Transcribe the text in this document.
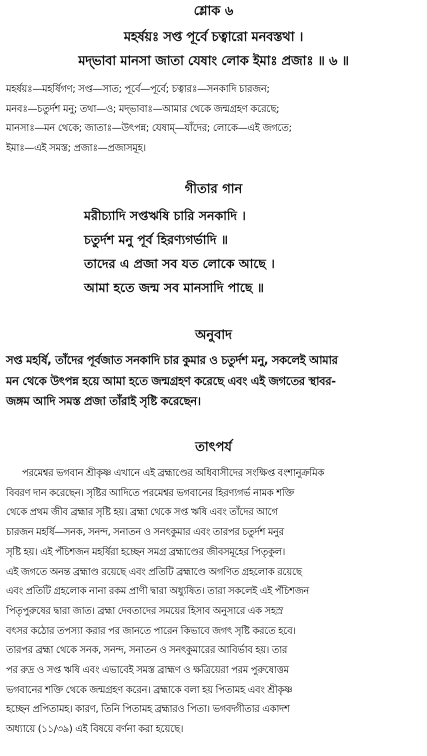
শ্লোক ৬
মহর্ষয়ঃ সপ্ত পূর্বে চত্বারো মনবস্তথা ।
মদ্‌ভাবা মানসা জাতা যেষাং লোক ইমাঃ প্রজাঃ ॥ ৬ ॥
মহর্ষয়ঃ—মহর্ষিগণ; সপ্ত—সাত; পূর্বে—পূর্বে; চত্বারঃ—সনকাদি চারজন;
মনবঃ—চতুর্দশ মনু; তথা—ও; মদ্‌ভাবাঃ—আমার থেকে জন্মগ্রহণ করেছে;
মানসাঃ—মন থেকে; জাতাঃ—উৎপন্ন; যেষাম্‌—যাঁদের; লোকে—এই জগতে;
ইমাঃ—এই সমস্ত; প্রজাঃ—প্রজাসমূহ।
গীতার গান
মরীচ্যাদি সপ্তঋষি চারি সনকাদি ।
চতুর্দশ মনু পূর্ব হিরণ্যগর্ভাদি ॥
তাদের এ প্রজা সব যত লোকে আছে ।
আমা হতে জন্ম সব মানসাদি পাছে ॥
অনুবাদ
সপ্ত মহর্ষি, তাঁদের পূর্বজাত সনকাদি চার কুমার ও চতুর্দশ মনু, সকলেই আমার
মন থেকে উৎপন্ন হয়ে আমা হতে জন্মগ্রহণ করেছে এবং এই জগতের স্থাবর-
জঙ্গম আদি সমস্ত প্রজা তাঁরাই সৃষ্টি করেছেন।
তাৎপর্য
পরমেশ্বর ভগবান শ্রীকৃষ্ণ এখানে এই ব্রহ্মাণ্ডের অধিবাসীদের সংক্ষিপ্ত বংশানুক্রমিক
বিবরণ দান করেছেন। সৃষ্টির আদিতে পরমেশ্বর ভগবানের হিরণ্যগর্ভ নামক শক্তি
থেকে প্রথম জীব ব্রহ্মার সৃষ্টি হয়। ব্রহ্মা থেকে সপ্ত ঋষি এবং তাঁদের আগে
চারজন মহর্ষি—সনক, সনন্দ, সনাতন ও সনৎকুমার এবং তারপর চতুর্দশ মনুর
সৃষ্টি হয়। এই পঁচিশজন মহর্ষিরা হচ্ছেন সমগ্র ব্রহ্মাণ্ডের জীবসমূহের পিতৃকুল।
এই জগতে অনন্ত ব্রহ্মাণ্ড রয়েছে এবং প্রতিটি ব্রহ্মাণ্ডে অগণিত গ্রহলোক রয়েছে
এবং প্রতিটি গ্রহলোক নানা রকম প্রাণী দ্বারা অধ্যুষিত। তারা সকলেই এই পঁচিশজন
পিতৃপুরুষের দ্বারা জাত। ব্রহ্মা দেবতাদের সময়ের হিসাব অনুসারে এক সহস্র
বৎসর কঠোর তপস্যা করার পর জানতে পারেন কিভাবে জগৎ সৃষ্টি করতে হবে।
তারপর ব্রহ্মা থেকে সনক, সনন্দ, সনাতন ও সনৎকুমারের আবির্ভাব হয়। তার
পর রুদ্র ও সপ্ত ঋষি এবং এভাবেই সমস্ত ব্রাহ্মণ ও ক্ষত্রিয়েরা পরম পুরুষোত্তম
ভগবানের শক্তি থেকে জন্মগ্রহণ করেন। ব্রহ্মাকে বলা হয় পিতামহ এবং শ্রীকৃষ্ণ
হচ্ছেন প্রপিতামহ। কারণ, তিনি পিতামহ ব্রহ্মারও পিতা। ভগবদ্গীতার একাদশ
অধ্যায়ে (১১/৩৯) এই বিষয়ে বর্ণনা করা হয়েছে।
